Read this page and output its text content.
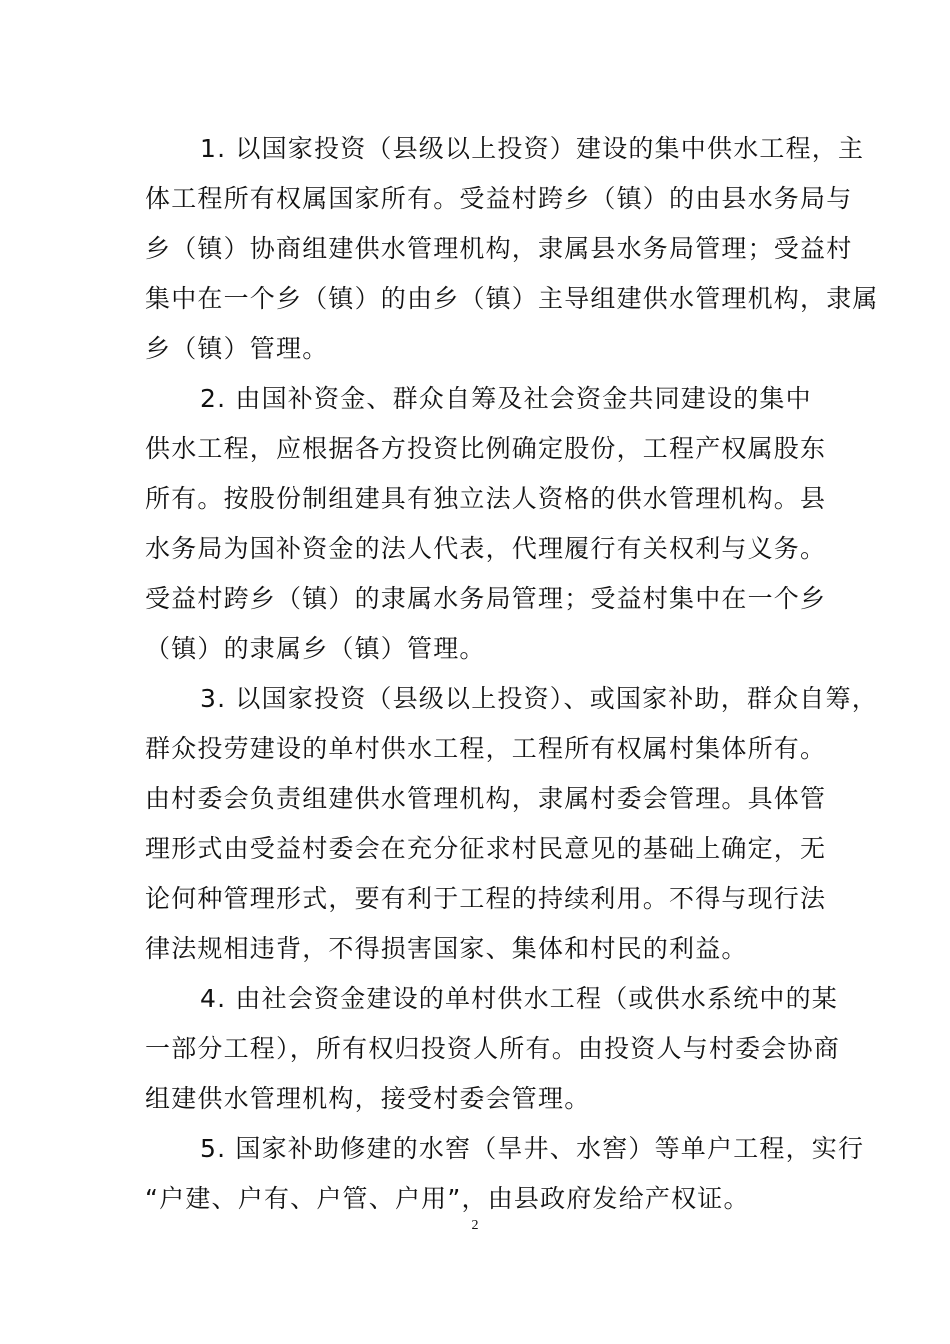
1. 以国家投资（县级以上投资）建设的集中供水工程，主
体工程所有权属国家所有。受益村跨乡（镇）的由县水务局与
乡（镇）协商组建供水管理机构，隶属县水务局管理；受益村
集中在一个乡（镇）的由乡（镇）主导组建供水管理机构，隶属
乡（镇）管理。
2. 由国补资金、群众自筹及社会资金共同建设的集中
供水工程，应根据各方投资比例确定股份，工程产权属股东
所有。按股份制组建具有独立法人资格的供水管理机构。县
水务局为国补资金的法人代表，代理履行有关权利与义务。
受益村跨乡（镇）的隶属水务局管理；受益村集中在一个乡
（镇）的隶属乡（镇）管理。
3. 以国家投资（县级以上投资）、或国家补助，群众自筹，
群众投劳建设的单村供水工程，工程所有权属村集体所有。
由村委会负责组建供水管理机构，隶属村委会管理。具体管
理形式由受益村委会在充分征求村民意见的基础上确定，无
论何种管理形式，要有利于工程的持续利用。不得与现行法
律法规相违背，不得损害国家、集体和村民的利益。
4. 由社会资金建设的单村供水工程（或供水系统中的某
一部分工程），所有权归投资人所有。由投资人与村委会协商
组建供水管理机构，接受村委会管理。
5. 国家补助修建的水窖（旱井、水窖）等单户工程，实行
“户建、户有、户管、户用”，由县政府发给产权证。
2
